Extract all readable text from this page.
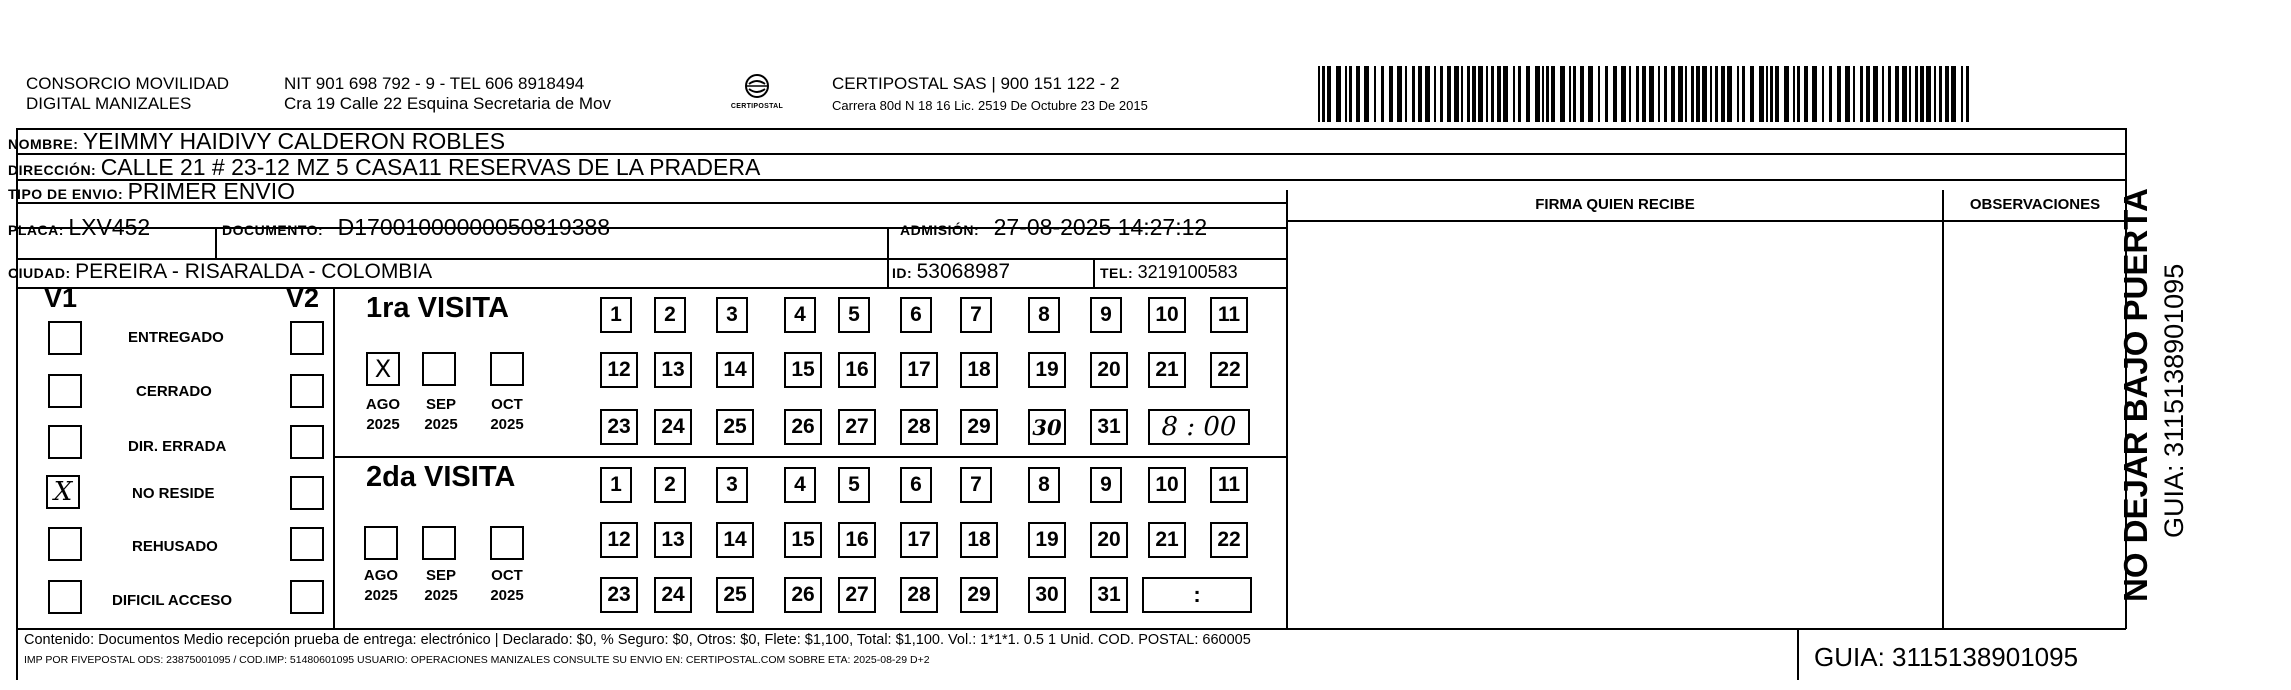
CONSORCIO MOVILIDAD
DIGITAL MANIZALES
NIT 901 698 792 - 9 - TEL 606 8918494
Cra 19 Calle 22 Esquina Secretaria de Mov	CERTIPOSTAL
CERTIPOSTAL SAS | 900 151 122 - 2
Carrera 80d N 18 16 Lic. 2519 De Octubre 23 De 2015
NOMBRE: YEIMMY HAIDIVY CALDERON ROBLES
DIRECCIÓN: CALLE 21 # 23-12 MZ 5 CASA11 RESERVAS DE LA PRADERA
TIPO DE ENVIO: PRIMER ENVIO
FIRMA QUIEN RECIBE	OBSERVACIONES
PLACA: LXV452	DOCUMENTO: D17001000000050819388	ADMISIÓN: 27-08-2025 14:27:12
CIUDAD: PEREIRA - RISARALDA - COLOMBIA	ID: 53068987	TEL: 3219100583
V1	V2
ENTREGADO
CERRADO
DIR. ERRADA
X	NO RESIDE
REHUSADO
DIFICIL ACCESO
1ra VISITA
X
AGO	SEP	OCT
2025	2025	2025
1	2	3	4	5	6	7	8	9	10	11
12	13	14	15	16	17	18	19	20	21	22
23	24	25	26	27	28	29	30	31	8 : 00
2da VISITA
AGO	SEP	OCT
2025	2025	2025
1	2	3	4	5	6	7	8	9	10	11
12	13	14	15	16	17	18	19	20	21	22
23	24	25	26	27	28	29	30	31	:	NO DEJAR BAJO PUERTA GUIA: 3115138901095
Contenido: Documentos Medio recepción prueba de entrega: electrónico | Declarado: $0, % Seguro: $0, Otros: $0, Flete: $1,100, Total: $1,100. Vol.: 1*1*1. 0.5 1 Unid. COD. POSTAL: 660005
IMP POR FIVEPOSTAL ODS: 23875001095 / COD.IMP: 51480601095 USUARIO: OPERACIONES MANIZALES CONSULTE SU ENVIO EN: CERTIPOSTAL.COM SOBRE ETA: 2025-08-29 D+2	GUIA: 3115138901095
